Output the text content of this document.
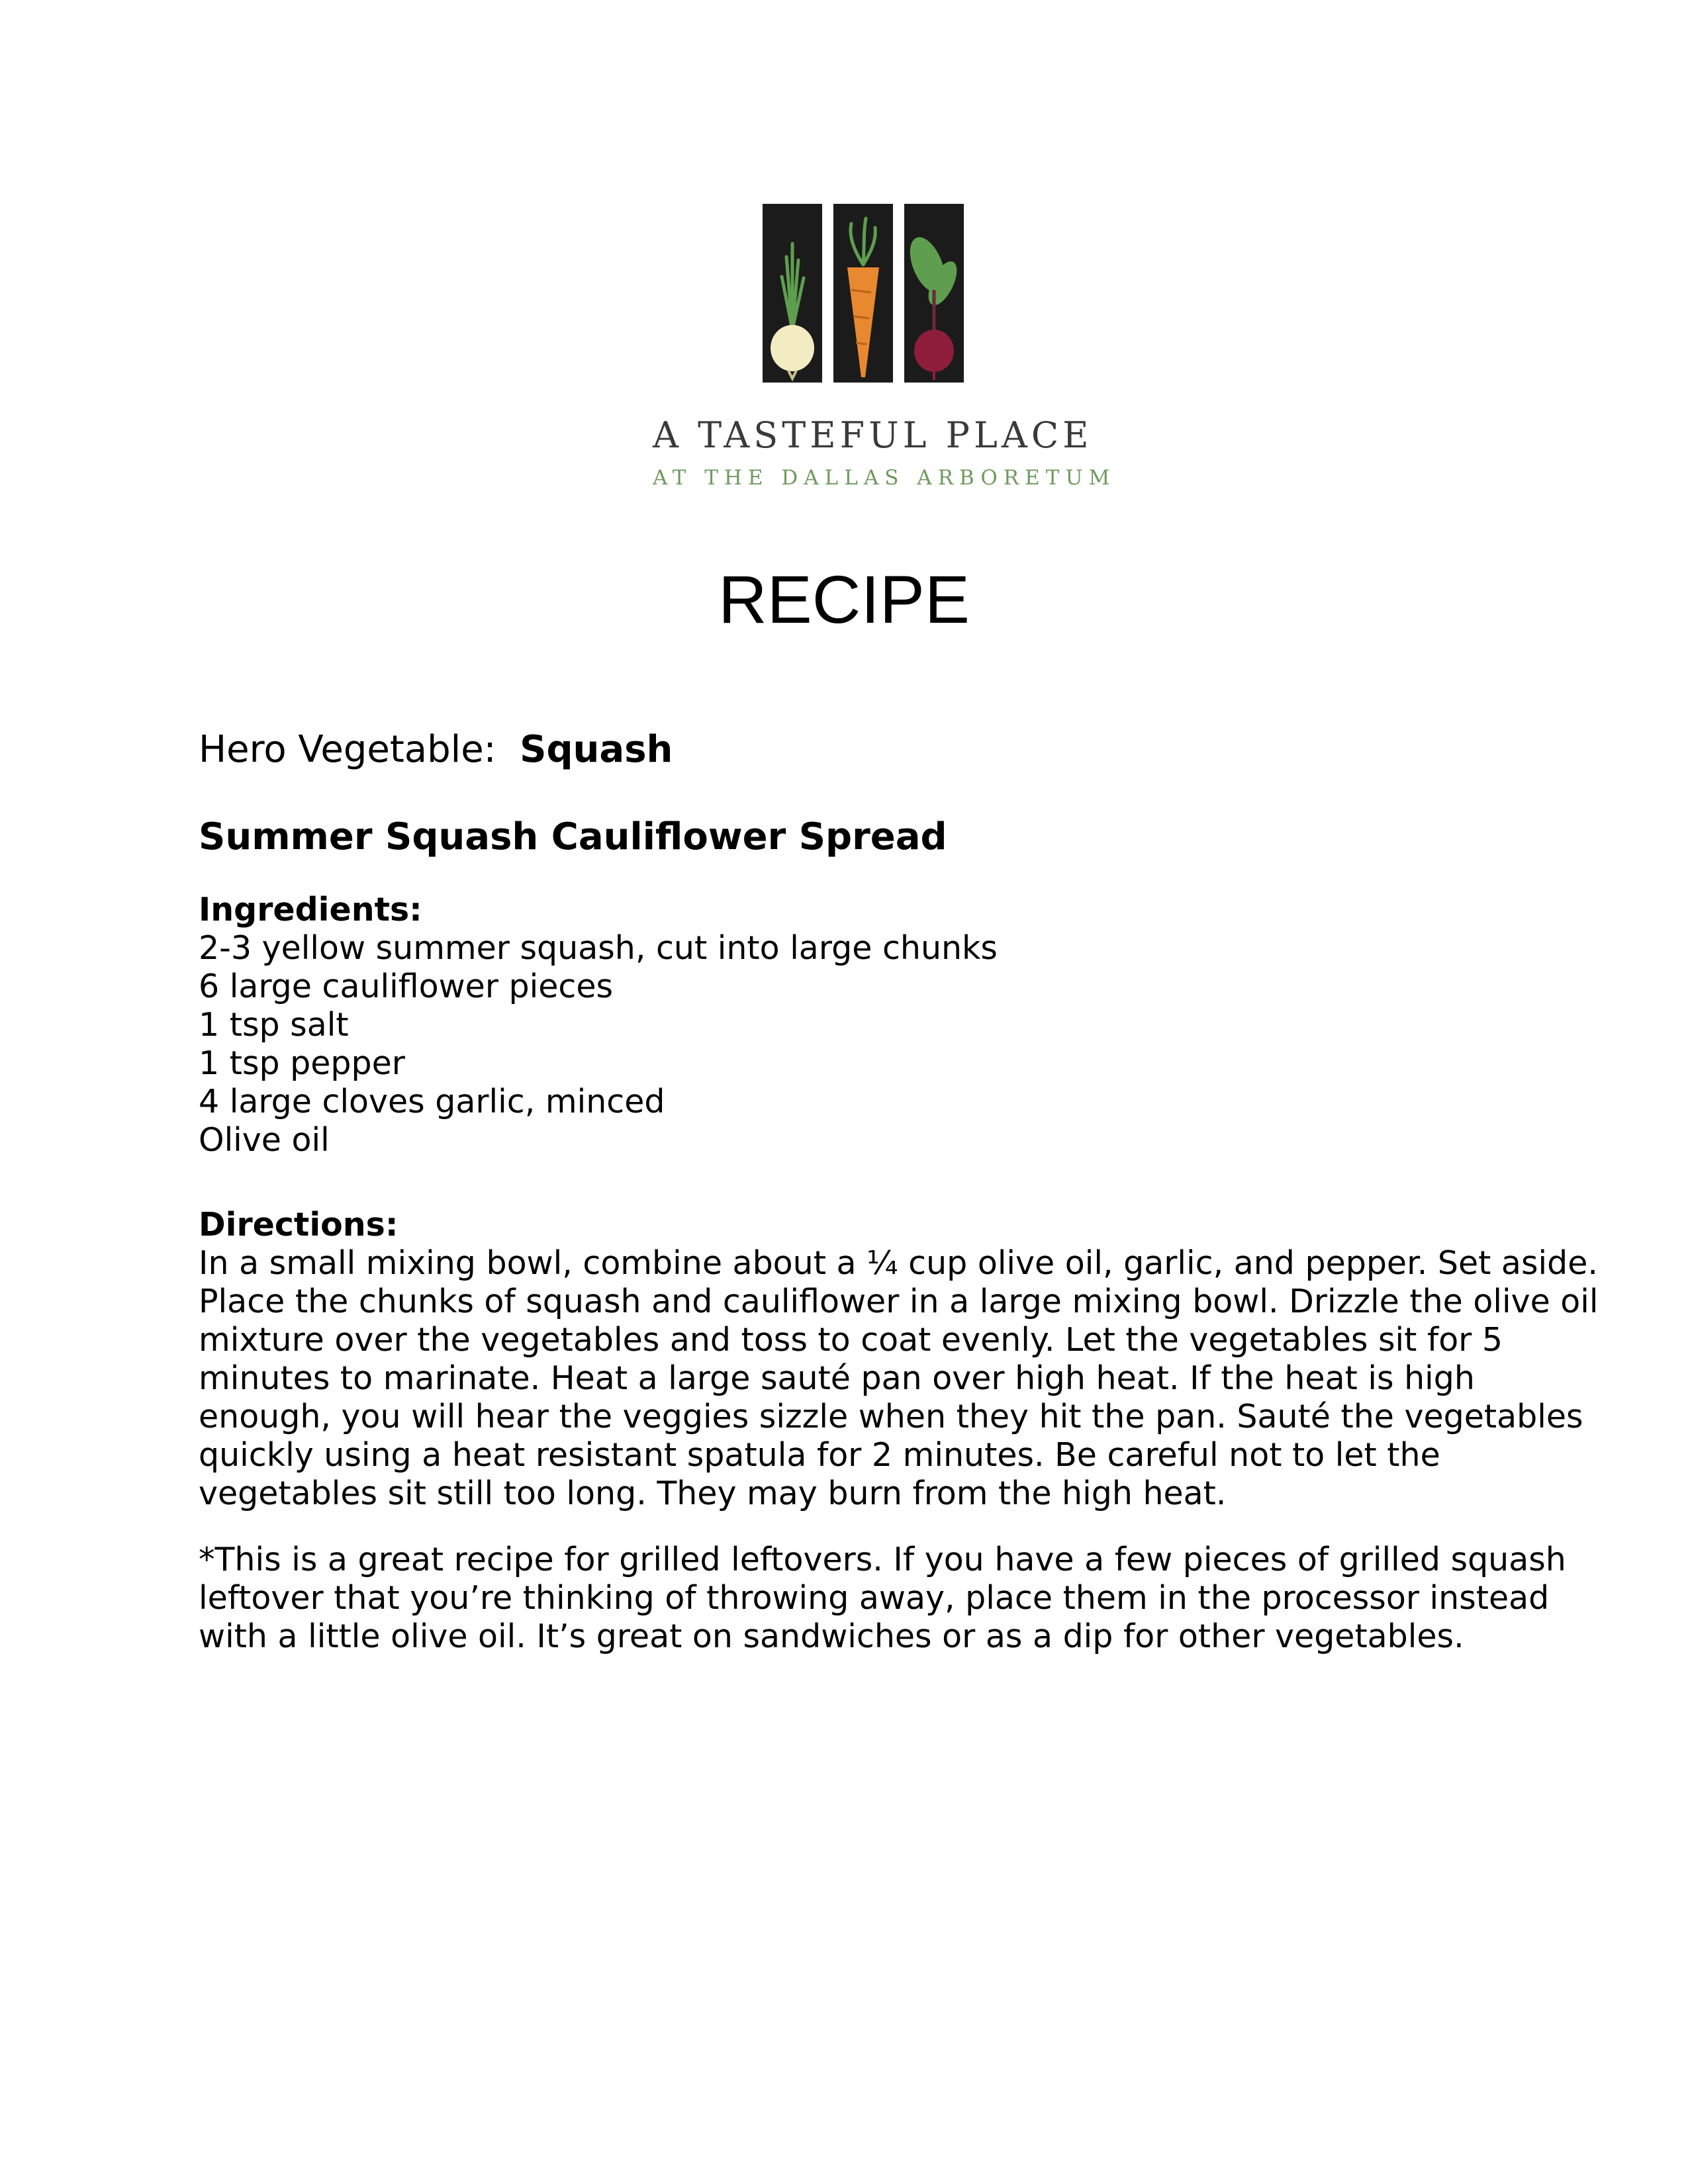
A TASTEFUL PLACE
AT THE DALLAS ARBORETUM
RECIPE
Hero Vegetable: Squash
Summer Squash Cauliflower Spread
Ingredients:
2-3 yellow summer squash, cut into large chunks
6 large cauliflower pieces
1 tsp salt
1 tsp pepper
4 large cloves garlic, minced
Olive oil
Directions:
In a small mixing bowl, combine about a ¼ cup olive oil, garlic, and pepper. Set aside.
Place the chunks of squash and cauliflower in a large mixing bowl. Drizzle the olive oil
mixture over the vegetables and toss to coat evenly. Let the vegetables sit for 5
minutes to marinate. Heat a large sauté pan over high heat. If the heat is high
enough, you will hear the veggies sizzle when they hit the pan. Sauté the vegetables
quickly using a heat resistant spatula for 2 minutes. Be careful not to let the
vegetables sit still too long. They may burn from the high heat.
*This is a great recipe for grilled leftovers. If you have a few pieces of grilled squash
leftover that you’re thinking of throwing away, place them in the processor instead
with a little olive oil. It’s great on sandwiches or as a dip for other vegetables.
